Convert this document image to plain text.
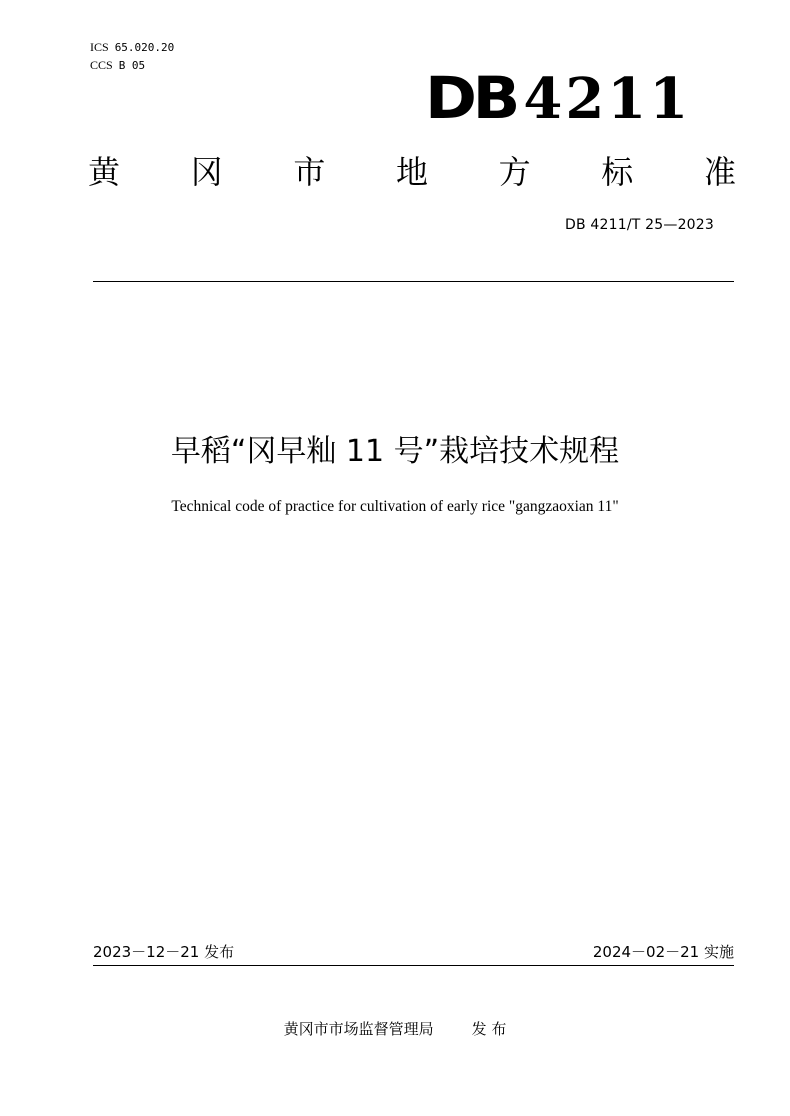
ICS 65.020.20
CCS B 05	DB 4211
黄 冈 市 地 方 标 准
DB 4211/T 25—2023
早稻“冈早籼 11 号”栽培技术规程
Technical code of practice for cultivation of early rice "gangzaoxian 11"
2023－12－21 发布	2024－02－21 实施
黄冈市市场监督管理局	发 布
